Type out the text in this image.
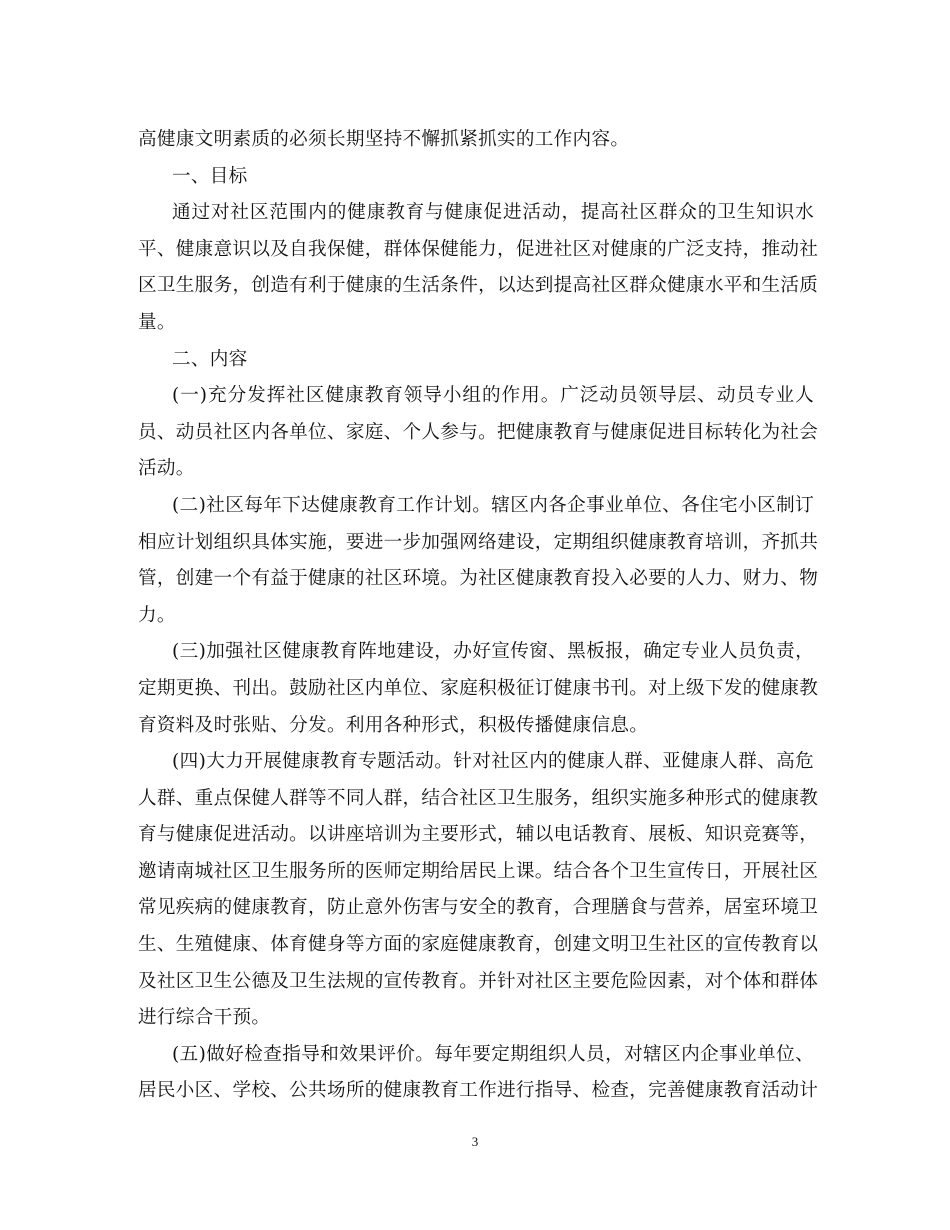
高健康文明素质的必须长期坚持不懈抓紧抓实的工作内容。
一、目标
通过对社区范围内的健康教育与健康促进活动，提高社区群众的卫生知识水
平、健康意识以及自我保健，群体保健能力，促进社区对健康的广泛支持，推动社
区卫生服务，创造有利于健康的生活条件，以达到提高社区群众健康水平和生活质
量。
二、内容
(一)充分发挥社区健康教育领导小组的作用。广泛动员领导层、动员专业人
员、动员社区内各单位、家庭、个人参与。把健康教育与健康促进目标转化为社会
活动。
(二)社区每年下达健康教育工作计划。辖区内各企事业单位、各住宅小区制订
相应计划组织具体实施，要进一步加强网络建设，定期组织健康教育培训，齐抓共
管，创建一个有益于健康的社区环境。为社区健康教育投入必要的人力、财力、物
力。
(三)加强社区健康教育阵地建设，办好宣传窗、黑板报，确定专业人员负责，
定期更换、刊出。鼓励社区内单位、家庭积极征订健康书刊。对上级下发的健康教
育资料及时张贴、分发。利用各种形式，积极传播健康信息。
(四)大力开展健康教育专题活动。针对社区内的健康人群、亚健康人群、高危
人群、重点保健人群等不同人群，结合社区卫生服务，组织实施多种形式的健康教
育与健康促进活动。以讲座培训为主要形式，辅以电话教育、展板、知识竞赛等，
邀请南城社区卫生服务所的医师定期给居民上课。结合各个卫生宣传日，开展社区
常见疾病的健康教育，防止意外伤害与安全的教育，合理膳食与营养，居室环境卫
生、生殖健康、体育健身等方面的家庭健康教育，创建文明卫生社区的宣传教育以
及社区卫生公德及卫生法规的宣传教育。并针对社区主要危险因素，对个体和群体
进行综合干预。
(五)做好检查指导和效果评价。每年要定期组织人员，对辖区内企事业单位、
居民小区、学校、公共场所的健康教育工作进行指导、检查，完善健康教育活动计
3
